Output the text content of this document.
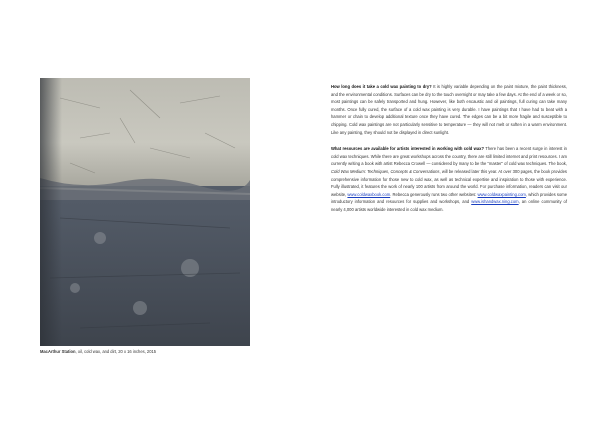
MacArthur Station, oil, cold wax, and dirt, 20 x 16 inches, 2015

How long does it take a cold wax painting to dry? It is highly variable depending on the paint mixture, the paint thickness, and the environmental conditions. Surfaces can be dry to the touch overnight or may take a few days. At the end of a week or so, most paintings can be safely transported and hung. However, like both encaustic and oil paintings, full curing can take many months. Once fully cured, the surface of a cold wax painting is very durable. I have paintings that I have had to beat with a hammer or chain to develop additional texture once they have cured. The edges can be a bit more fragile and susceptible to chipping. Cold wax paintings are not particularly sensitive to temperature — they will not melt or soften in a warm environment. Like any painting, they should not be displayed in direct sunlight.

What resources are available for artists interested in working with cold wax? There has been a recent surge in interest in cold wax techniques. While there are great workshops across the country, there are still limited internet and print resources. I am currently writing a book with artist Rebecca Crowell — considered by many to be the “master” of cold wax techniques. The book, Cold Wax Medium: Techniques, Concepts & Conversations, will be released later this year. At over 300 pages, the book provides comprehensive information for those new to cold wax, as well as technical expertise and inspiration to those with experience. Fully illustrated, it features the work of nearly 100 artists from around the world. For purchase information, readers can visit our website, www.coldwaxbook.com. Rebecca generously runs two other websites: www.coldwaxpainting.com, which provides some introductory information and resources for supplies and workshops, and www.ishandwax.ning.com, an online community of nearly 4,000 artists worldwide interested in cold wax medium.
